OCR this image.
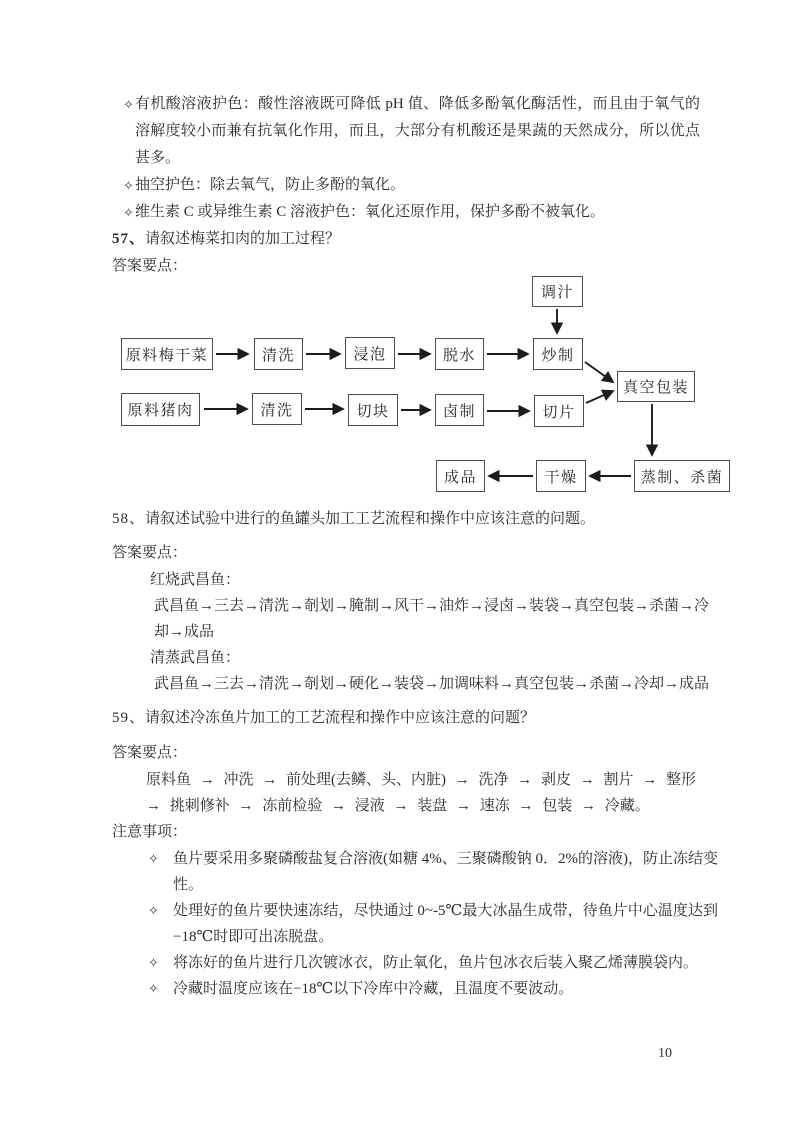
✧ 有机酸溶液护色：酸性溶液既可降低 pH 值、降低多酚氧化酶活性，而且由于氧气的溶解度较小而兼有抗氧化作用，而且，大部分有机酸还是果蔬的天然成分，所以优点甚多。
✧ 抽空护色：除去氧气，防止多酚的氧化。
✧ 维生素 C 或异维生素 C 溶液护色：氧化还原作用，保护多酚不被氧化。
57、请叙述梅菜扣肉的加工过程？
答案要点：
调汁
原料梅干菜	清洗	浸泡	脱水	炒制
真空包装
原料猪肉	清洗	切块	卤制	切片
成品	干燥	蒸制、杀菌
58、请叙述试验中进行的鱼罐头加工工艺流程和操作中应该注意的问题。
答案要点：
红烧武昌鱼：
武昌鱼→三去→清洗→剞划→腌制→风干→油炸→浸卤→装袋→真空包装→杀菌→冷却→成品
清蒸武昌鱼：
武昌鱼→三去→清洗→剞划→硬化→装袋→加调味料→真空包装→杀菌→冷却→成品
59、请叙述冷冻鱼片加工的工艺流程和操作中应该注意的问题？
答案要点：
原料鱼 → 冲洗 → 前处理(去鳞、头、内脏) → 洗净 → 剥皮 → 割片 → 整形
→ 挑刺修补 → 冻前检验 → 浸液 → 装盘 → 速冻 → 包装 → 冷藏。
注意事项：
✧ 鱼片要采用多聚磷酸盐复合溶液(如糖 4%、三聚磷酸钠 0．2%的溶液)，防止冻结变性。
✧ 处理好的鱼片要快速冻结，尽快通过 0~-5℃最大冰晶生成带，待鱼片中心温度达到−18℃时即可出冻脱盘。
✧ 将冻好的鱼片进行几次镀冰衣，防止氧化，鱼片包冰衣后装入聚乙烯薄膜袋内。
✧ 冷藏时温度应该在−18℃以下冷库中冷藏，且温度不要波动。
10
